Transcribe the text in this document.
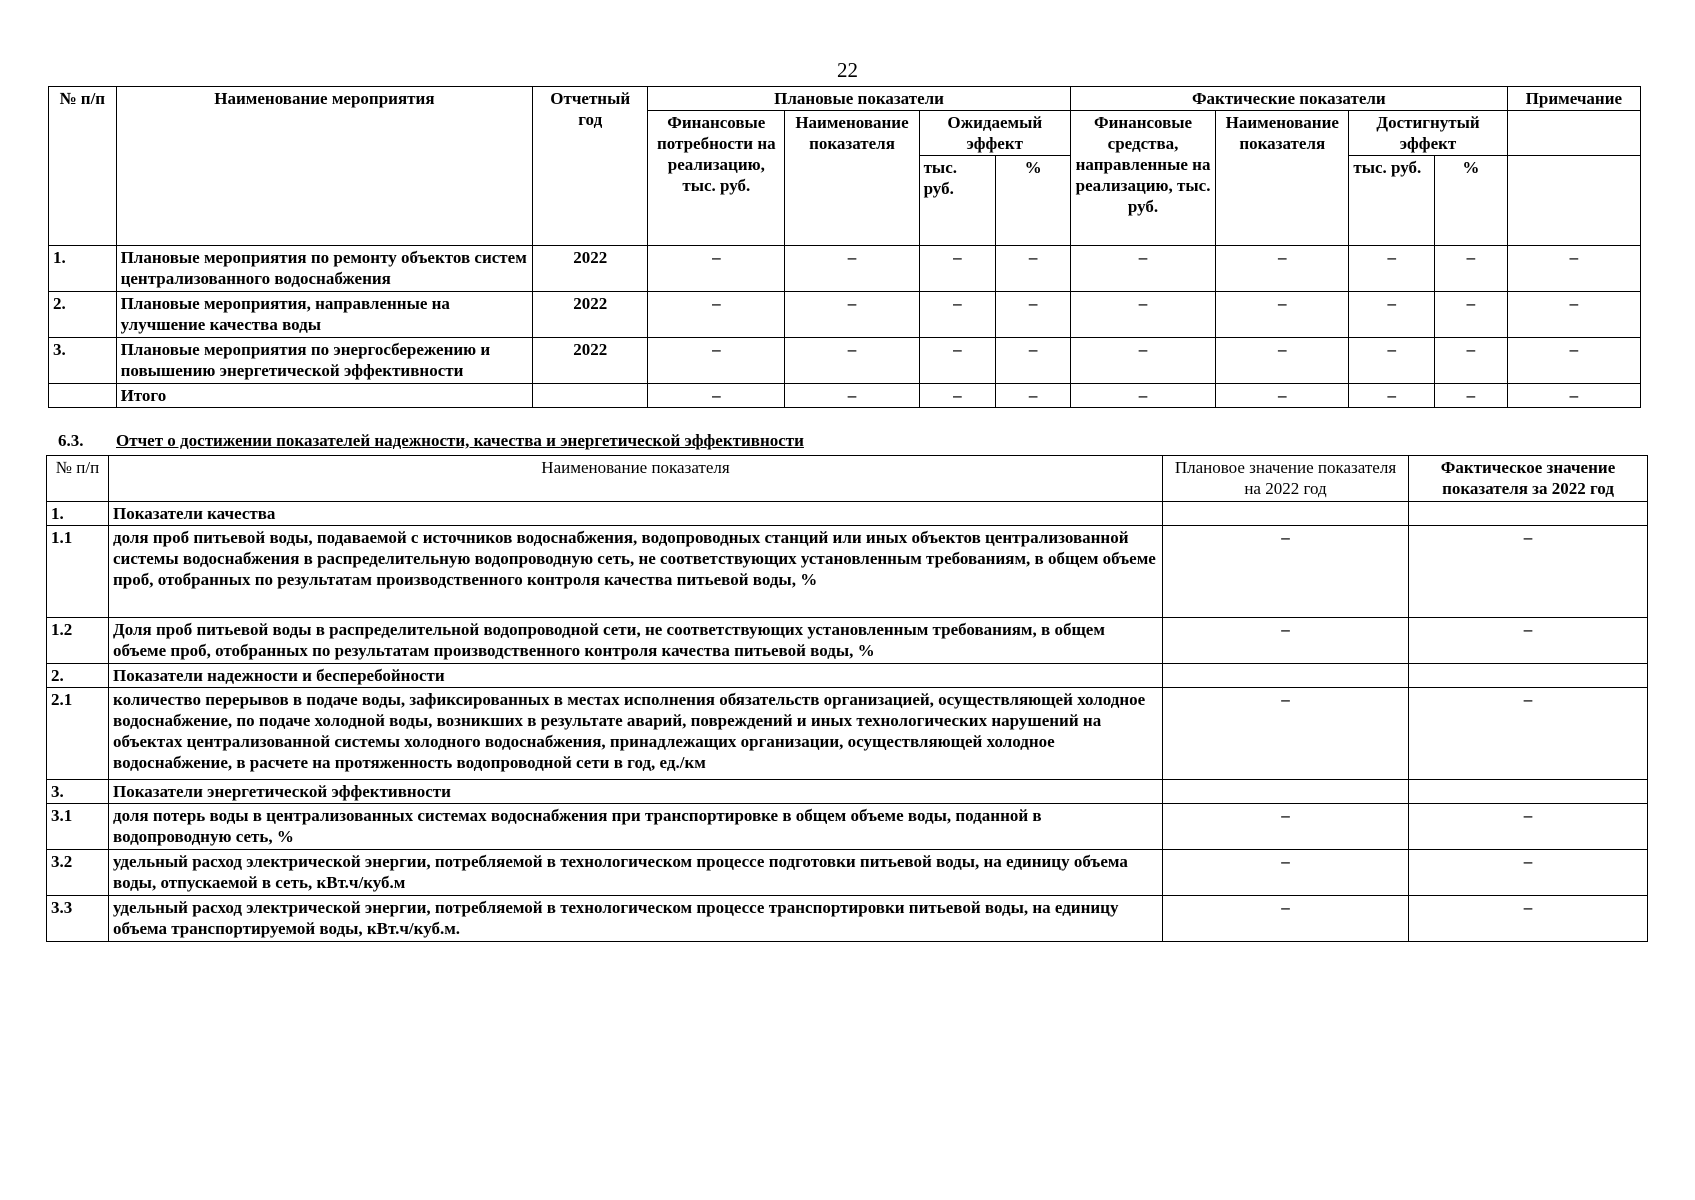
22
№ п/п	Наименование мероприятия	Отчетный год	Плановые показатели				Фактические показатели				Примечание
			Финансовые потребности на реализацию, тыс. руб.	Наименование показателя	Ожидаемый эффект		Финансовые средства, направленные на реализацию, тыс. руб.	Наименование показателя	Достигнутый эффект		
					тыс. руб.	%			тыс. руб.	%	
1.	Плановые мероприятия по ремонту объектов систем централизованного водоснабжения	2022	–	–	–	–	–	–	–	–	–
2.	Плановые мероприятия, направленные на улучшение качества воды	2022	–	–	–	–	–	–	–	–	–
3.	Плановые мероприятия по энергосбережению и повышению энергетической эффективности	2022	–	–	–	–	–	–	–	–	–
	Итого		–	–	–	–	–	–	–	–	–
6.3. Отчет о достижении показателей надежности, качества и энергетической эффективности
№ п/п	Наименование показателя	Плановое значение показателя на 2022 год	Фактическое значение показателя за 2022 год
1.	Показатели качества		
1.1	доля проб питьевой воды, подаваемой с источников водоснабжения, водопроводных станций или иных объектов централизованной системы водоснабжения в распределительную водопроводную сеть, не соответствующих установленным требованиям, в общем объеме проб, отобранных по результатам производственного контроля качества питьевой воды, %	–	–
1.2	Доля проб питьевой воды в распределительной водопроводной сети, не соответствующих установленным требованиям, в общем объеме проб, отобранных по результатам производственного контроля качества питьевой воды, %	–	–
2.	Показатели надежности и бесперебойности		
2.1	количество перерывов в подаче воды, зафиксированных в местах исполнения обязательств организацией, осуществляющей холодное водоснабжение, по подаче холодной воды, возникших в результате аварий, повреждений и иных технологических нарушений на объектах централизованной системы холодного водоснабжения, принадлежащих организации, осуществляющей холодное водоснабжение, в расчете на протяженность водопроводной сети в год, ед./км	–	–
3.	Показатели энергетической эффективности		
3.1	доля потерь воды в централизованных системах водоснабжения при транспортировке в общем объеме воды, поданной в водопроводную сеть, %	–	–
3.2	удельный расход электрической энергии, потребляемой в технологическом процессе подготовки питьевой воды, на единицу объема воды, отпускаемой в сеть, кВт.ч/куб.м	–	–
3.3	удельный расход электрической энергии, потребляемой в технологическом процессе транспортировки питьевой воды, на единицу объема транспортируемой воды, кВт.ч/куб.м.	–	–
